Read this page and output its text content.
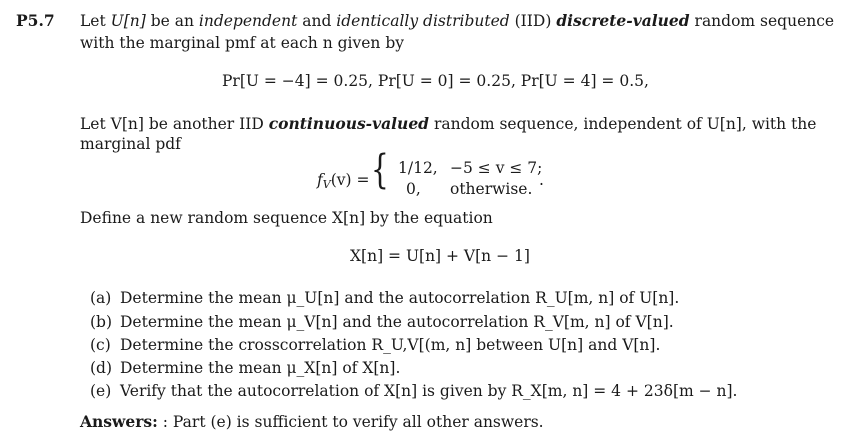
P5.7 Let U[n] be an independent and identically distributed (IID) discrete-valued random sequence
with the marginal pmf at each n given by
Pr[U = −4] = 0.25, Pr[U = 0] = 0.25, Pr[U = 4] = 0.5,
Let V[n] be another IID continuous-valued random sequence, independent of U[n], with the
marginal pdf
$f_V(v)$ = { 1/12, −5 ≤ v ≤ 7;
0, otherwise. .
Define a new random sequence X[n] by the equation
X[n] = U[n] + V[n − 1]
(a) Determine the mean μ_U[n] and the autocorrelation R_U[m, n] of U[n].
(b) Determine the mean μ_V[n] and the autocorrelation R_V[m, n] of V[n].
(c) Determine the crosscorrelation R_U,V[(m, n] between U[n] and V[n].
(d) Determine the mean μ_X[n] of X[n].
(e) Verify that the autocorrelation of X[n] is given by R_X[m, n] = 4 + 23δ[m − n].
Answers: : Part (e) is sufficient to verify all other answers.
